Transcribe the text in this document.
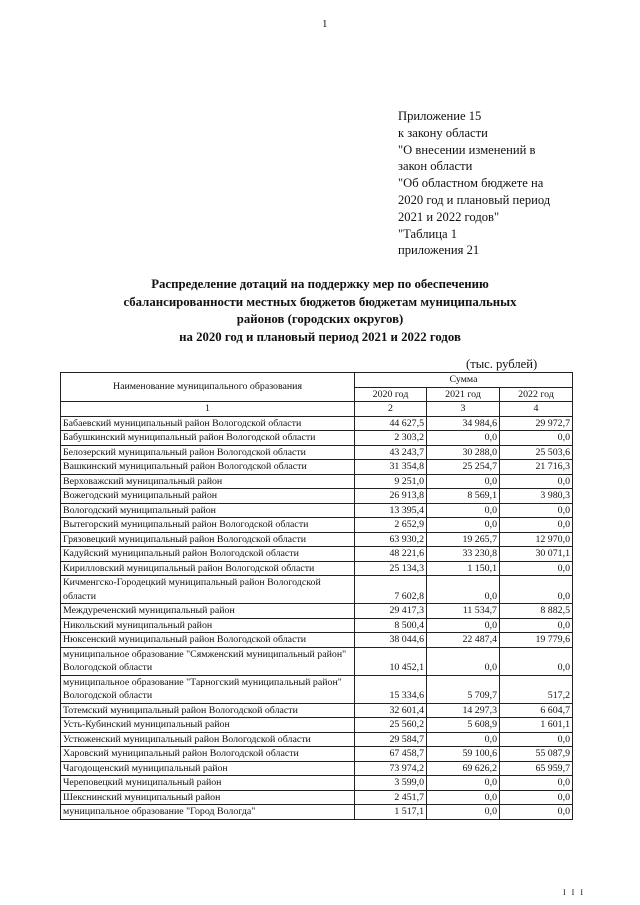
1
Приложение 15
к закону области
"О внесении изменений в
закон области
"Об областном бюджете на
2020 год и плановый период
2021 и 2022 годов"
"Таблица 1
приложения 21
Распределение дотаций на поддержку мер по обеспечению
сбалансированности местных бюджетов бюджетам муниципальных
районов (городских округов)
на 2020 год и плановый период 2021 и 2022 годов
(тыс. рублей)
Наименование муниципального образования	Сумма		
	2020 год	2021 год	2022 год
1	2	3	4
Бабаевский муниципальный район Вологодской области	44 627,5	34 984,6	29 972,7
Бабушкинский муниципальный район Вологодской области	2 303,2	0,0	0,0
Белозерский муниципальный район Вологодской области	43 243,7	30 288,0	25 503,6
Вашкинский муниципальный район Вологодской области	31 354,8	25 254,7	21 716,3
Верховажский муниципальный район	9 251,0	0,0	0,0
Вожегодский муниципальный район	26 913,8	8 569,1	3 980,3
Вологодский муниципальный район	13 395,4	0,0	0,0
Вытегорский муниципальный район Вологодской области	2 652,9	0,0	0,0
Грязовецкий муниципальный район Вологодской области	63 930,2	19 265,7	12 970,0
Кадуйский муниципальный район Вологодской области	48 221,6	33 230,8	30 071,1
Кирилловский муниципальный район Вологодской области	25 134,3	1 150,1	0,0
Кичменгско-Городецкий муниципальный район Вологодской области	7 602,8	0,0	0,0
Междуреченский муниципальный район	29 417,3	11 534,7	8 882,5
Никольский муниципальный район	8 500,4	0,0	0,0
Нюксенский муниципальный район Вологодской области	38 044,6	22 487,4	19 779,6
муниципальное образование "Сямженский муниципальный район" Вологодской области	10 452,1	0,0	0,0
муниципальное образование "Тарногский муниципальный район" Вологодской области	15 334,6	5 709,7	517,2
Тотемский муниципальный район Вологодской области	32 601,4	14 297,3	6 604,7
Усть-Кубинский муниципальный район	25 560,2	5 608,9	1 601,1
Устюженский муниципальный район Вологодской области	29 584,7	0,0	0,0
Харовский муниципальный район Вологодской области	67 458,7	59 100,6	55 087,9
Чагодощенский муниципальный район	73 974,2	69 626,2	65 959,7
Череповецкий муниципальный район	3 599,0	0,0	0,0
Шекснинский муниципальный район	2 451,7	0,0	0,0
муниципальное образование "Город Вологда"	1 517,1	0,0	0,0
I I I
